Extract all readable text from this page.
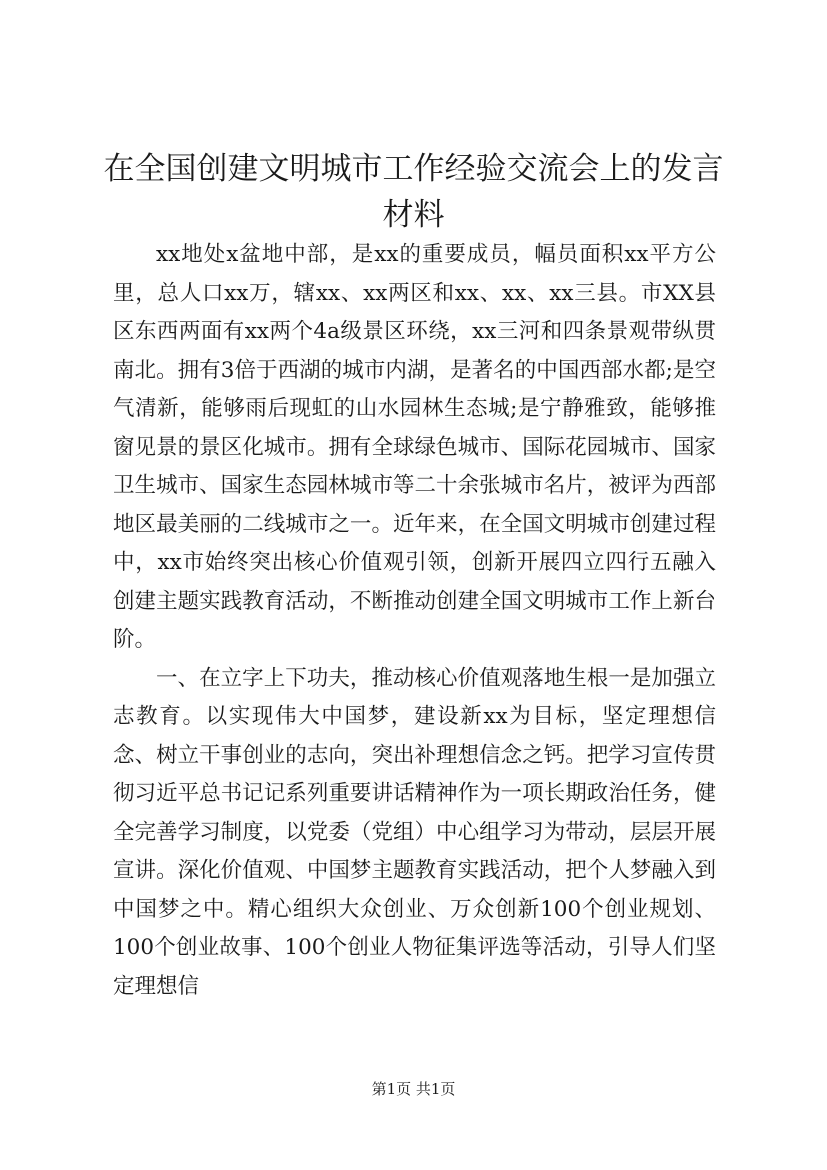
在全国创建文明城市工作经验交流会上的发言材料

xx地处x盆地中部，是xx的重要成员，幅员面积xx平方公里，总人口xx万，辖xx、xx两区和xx、xx、xx三县。市XX县区东西两面有xx两个4a级景区环绕，xx三河和四条景观带纵贯南北。拥有3倍于西湖的城市内湖，是著名的中国西部水都;是空气清新，能够雨后现虹的山水园林生态城;是宁静雅致，能够推窗见景的景区化城市。拥有全球绿色城市、国际花园城市、国家卫生城市、国家生态园林城市等二十余张城市名片，被评为西部地区最美丽的二线城市之一。近年来，在全国文明城市创建过程中，xx市始终突出核心价值观引领，创新开展四立四行五融入创建主题实践教育活动，不断推动创建全国文明城市工作上新台阶。

一、在立字上下功夫，推动核心价值观落地生根一是加强立志教育。以实现伟大中国梦，建设新xx为目标，坚定理想信念、树立干事创业的志向，突出补理想信念之钙。把学习宣传贯彻习近平总书记记系列重要讲话精神作为一项长期政治任务，健全完善学习制度，以党委（党组）中心组学习为带动，层层开展宣讲。深化价值观、中国梦主题教育实践活动，把个人梦融入到中国梦之中。精心组织大众创业、万众创新100个创业规划、100个创业故事、100个创业人物征集评选等活动，引导人们坚定理想信

第1页 共1页
